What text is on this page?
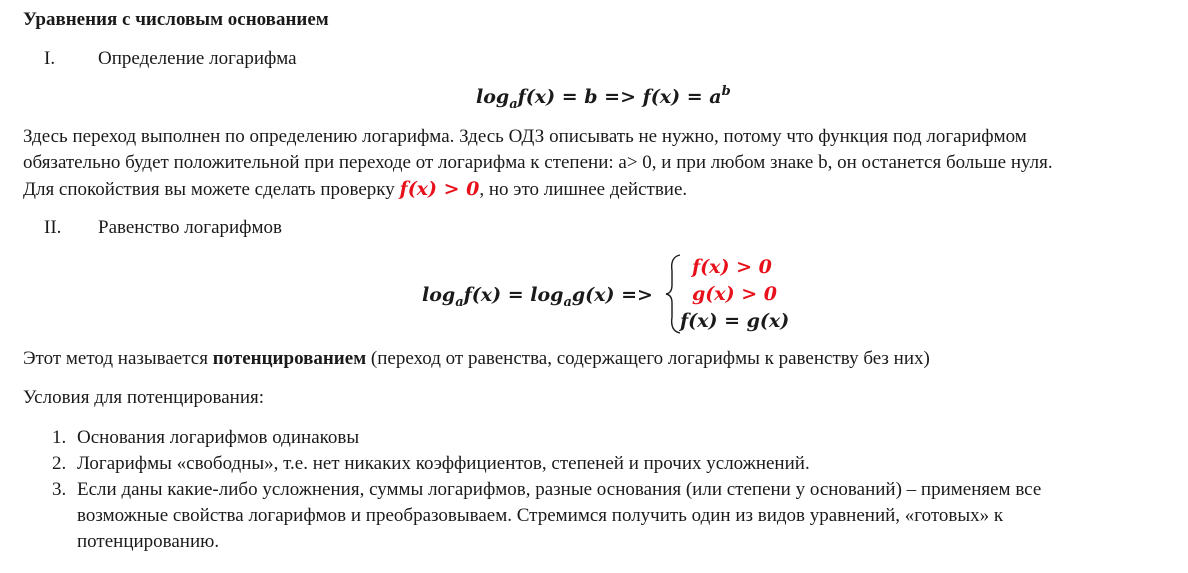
Уравнения с числовым основанием
I. Определение логарифма
$\log_af(x) = b => f(x) = a^b$
Здесь переход выполнен по определению логарифма. Здесь ОДЗ описывать не нужно, потому что функция под логарифмом
обязательно будет положительной при переходе от логарифма к степени: a> 0, и при любом знаке b, он останется больше нуля.
Для спокойствия вы можете сделать проверку f(x) > 0, но это лишнее действие.
II. Равенство логарифмов
$\log_af(x) = \log_ag(x)$ =>
f(x) > 0
g(x) > 0
f(x) = g(x)
Этот метод называется потенцированием (переход от равенства, содержащего логарифмы к равенству без них)
Условия для потенцирования:
1. Основания логарифмов одинаковы
2. Логарифмы «свободны», т.е. нет никаких коэффициентов, степеней и прочих усложнений.
3. Если даны какие-либо усложнения, суммы логарифмов, разные основания (или степени у оснований) – применяем все
возможные свойства логарифмов и преобразовываем. Стремимся получить один из видов уравнений, «готовых» к
потенцированию.
